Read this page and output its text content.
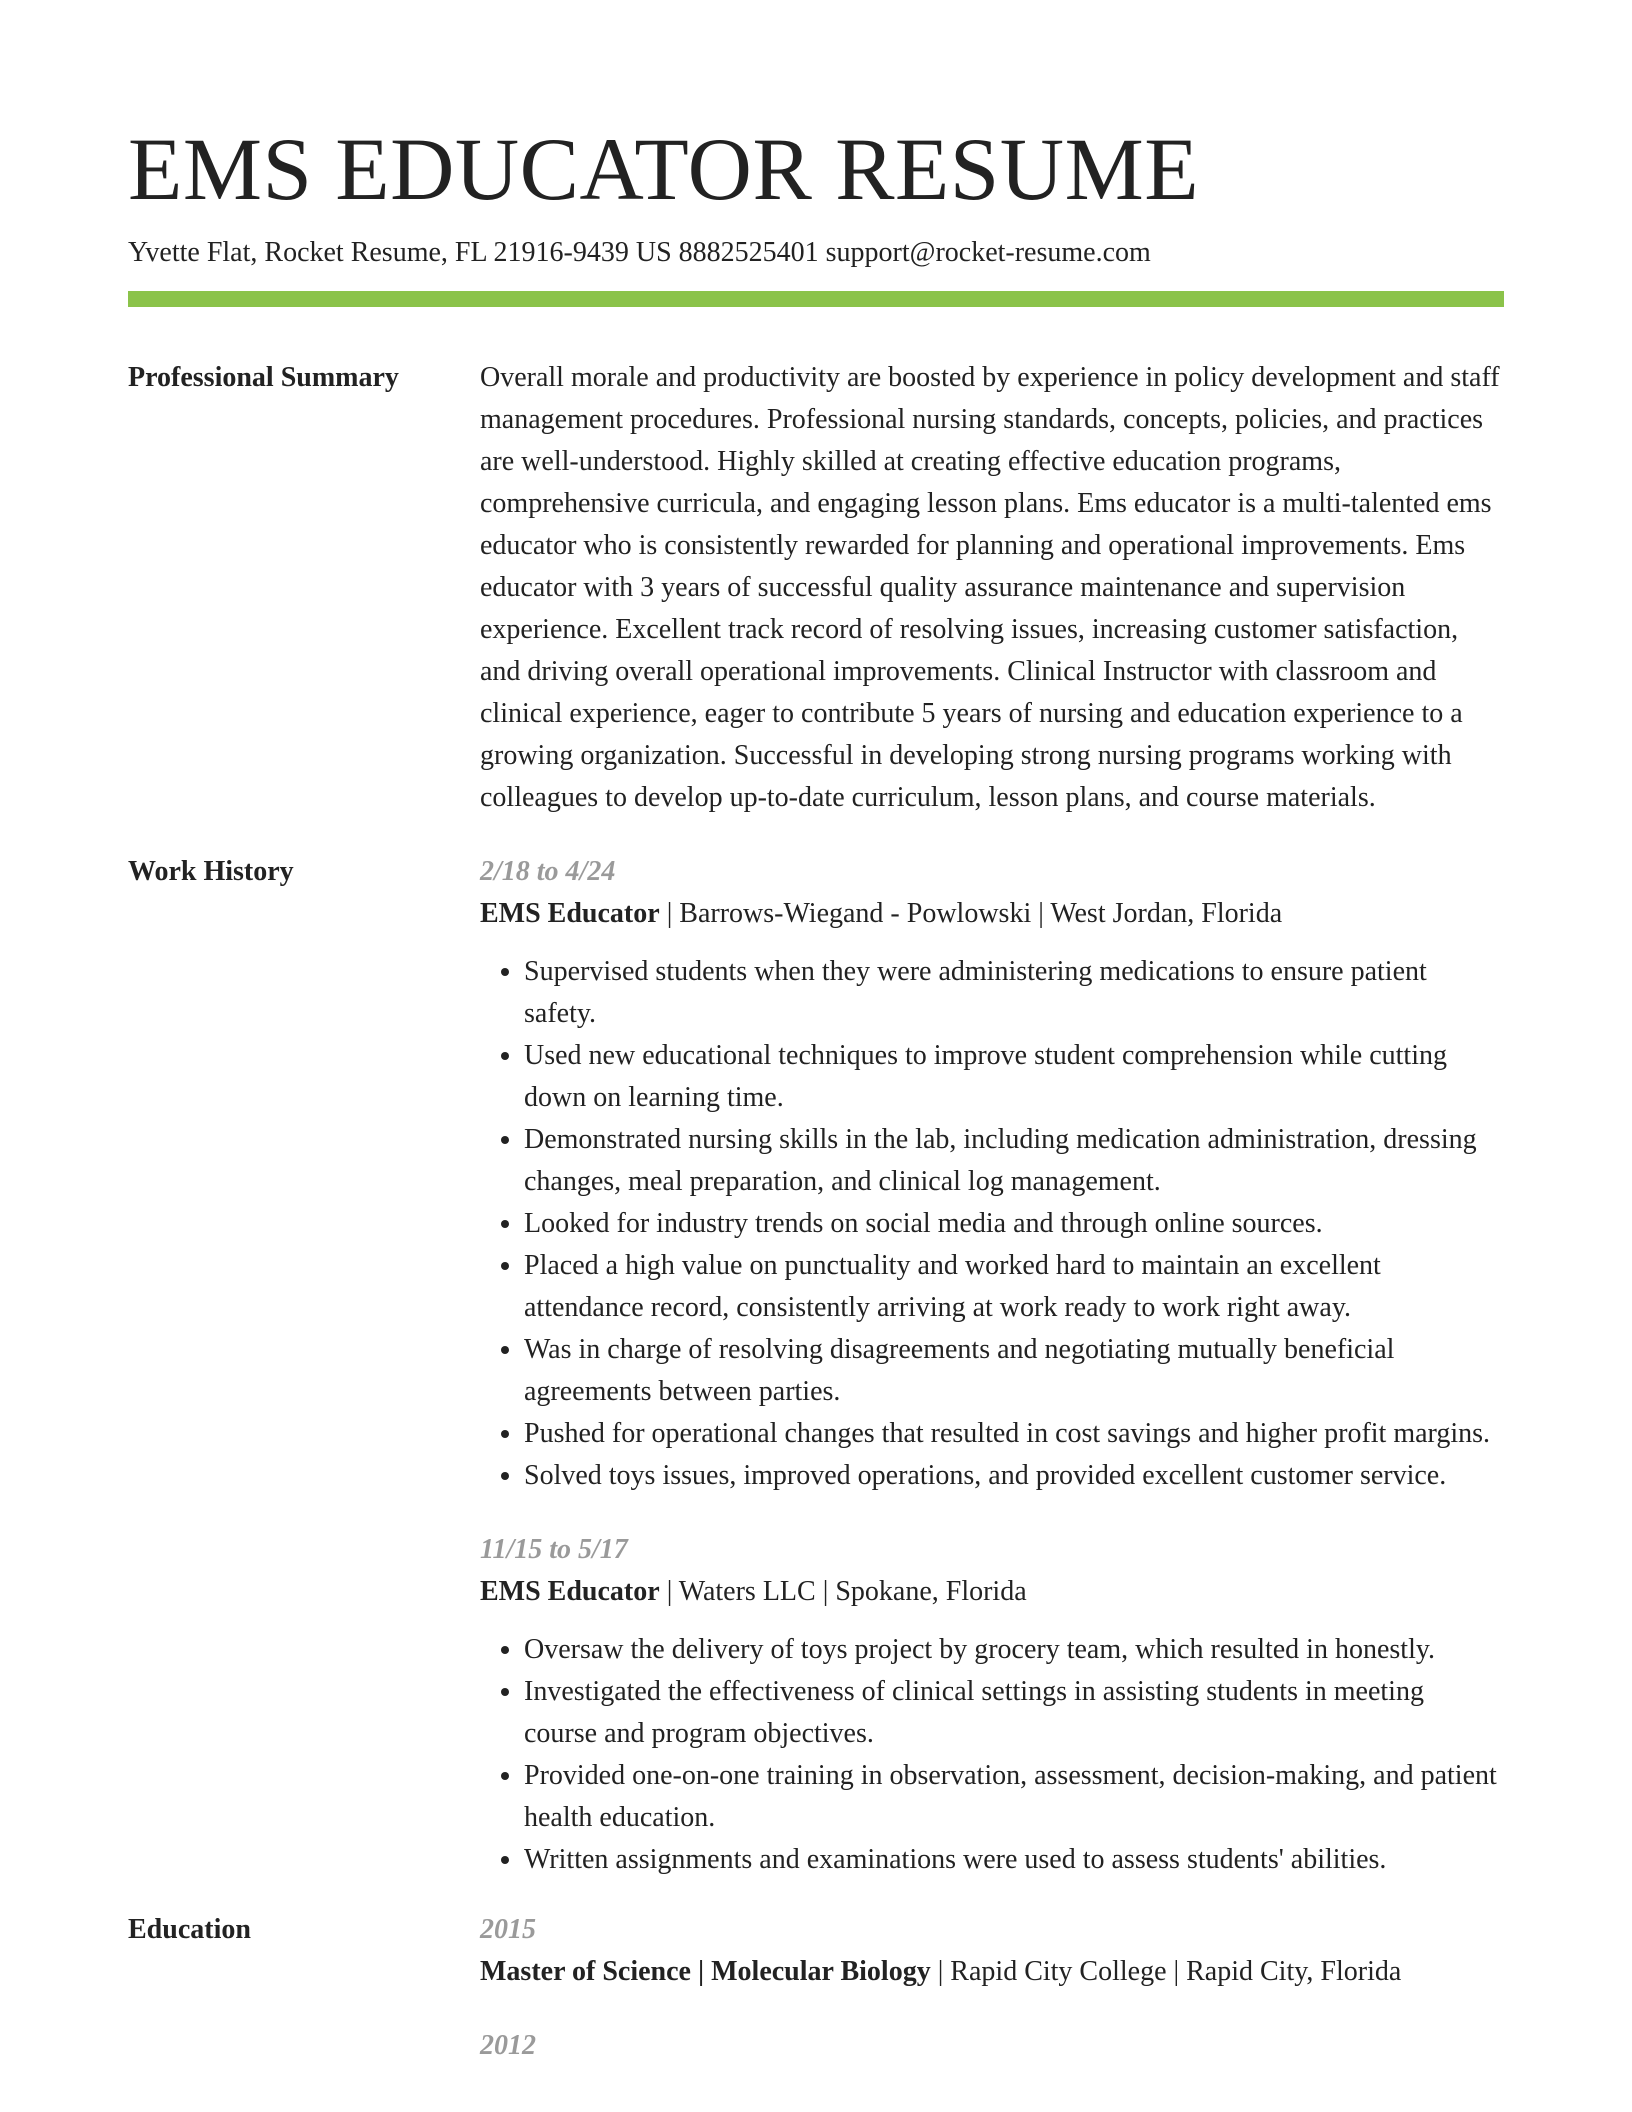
EMS EDUCATOR RESUME
Yvette Flat, Rocket Resume, FL 21916-9439 US 8882525401 support@rocket-resume.com
Professional Summary	Overall morale and productivity are boosted by experience in policy development and staff management procedures. Professional nursing standards, concepts, policies, and practices are well-understood. Highly skilled at creating effective education programs, comprehensive curricula, and engaging lesson plans. Ems educator is a multi-talented ems educator who is consistently rewarded for planning and operational improvements. Ems educator with 3 years of successful quality assurance maintenance and supervision experience. Excellent track record of resolving issues, increasing customer satisfaction, and driving overall operational improvements. Clinical Instructor with classroom and clinical experience, eager to contribute 5 years of nursing and education experience to a growing organization. Successful in developing strong nursing programs working with colleagues to develop up-to-date curriculum, lesson plans, and course materials.

Work History	2/18 to 4/24
EMS Educator | Barrows-Wiegand - Powlowski | West Jordan, Florida
• Supervised students when they were administering medications to ensure patient safety.
• Used new educational techniques to improve student comprehension while cutting down on learning time.
• Demonstrated nursing skills in the lab, including medication administration, dressing changes, meal preparation, and clinical log management.
• Looked for industry trends on social media and through online sources.
• Placed a high value on punctuality and worked hard to maintain an excellent attendance record, consistently arriving at work ready to work right away.
• Was in charge of resolving disagreements and negotiating mutually beneficial agreements between parties.
• Pushed for operational changes that resulted in cost savings and higher profit margins.
• Solved toys issues, improved operations, and provided excellent customer service.
11/15 to 5/17
EMS Educator | Waters LLC | Spokane, Florida
• Oversaw the delivery of toys project by grocery team, which resulted in honestly.
• Investigated the effectiveness of clinical settings in assisting students in meeting course and program objectives.
• Provided one-on-one training in observation, assessment, decision-making, and patient health education.
• Written assignments and examinations were used to assess students' abilities.
Education	2015
Master of Science | Molecular Biology | Rapid City College | Rapid City, Florida
2012
